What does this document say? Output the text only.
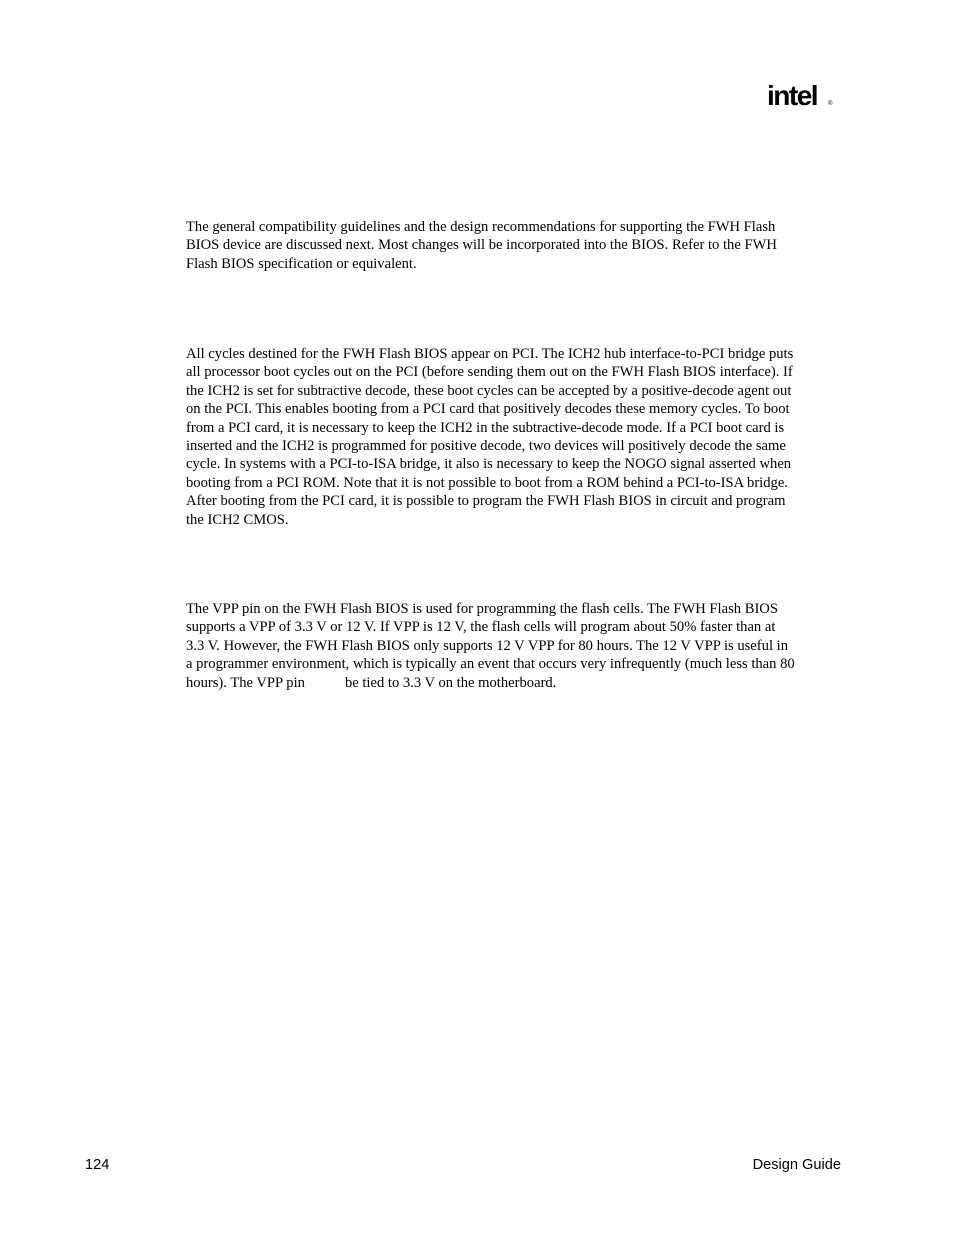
intel ®
The general compatibility guidelines and the design recommendations for supporting the FWH Flash
BIOS device are discussed next. Most changes will be incorporated into the BIOS. Refer to the FWH
Flash BIOS specification or equivalent.
All cycles destined for the FWH Flash BIOS appear on PCI. The ICH2 hub interface-to-PCI bridge puts
all processor boot cycles out on the PCI (before sending them out on the FWH Flash BIOS interface). If
the ICH2 is set for subtractive decode, these boot cycles can be accepted by a positive-decode agent out
on the PCI. This enables booting from a PCI card that positively decodes these memory cycles. To boot
from a PCI card, it is necessary to keep the ICH2 in the subtractive-decode mode. If a PCI boot card is
inserted and the ICH2 is programmed for positive decode, two devices will positively decode the same
cycle. In systems with a PCI-to-ISA bridge, it also is necessary to keep the NOGO signal asserted when
booting from a PCI ROM. Note that it is not possible to boot from a ROM behind a PCI-to-ISA bridge.
After booting from the PCI card, it is possible to program the FWH Flash BIOS in circuit and program
the ICH2 CMOS.
The VPP pin on the FWH Flash BIOS is used for programming the flash cells. The FWH Flash BIOS
supports a VPP of 3.3 V or 12 V. If VPP is 12 V, the flash cells will program about 50% faster than at
3.3 V. However, the FWH Flash BIOS only supports 12 V VPP for 80 hours. The 12 V VPP is useful in
a programmer environment, which is typically an event that occurs very infrequently (much less than 80
hours). The VPP pin	be tied to 3.3 V on the motherboard.
124	Design Guide
